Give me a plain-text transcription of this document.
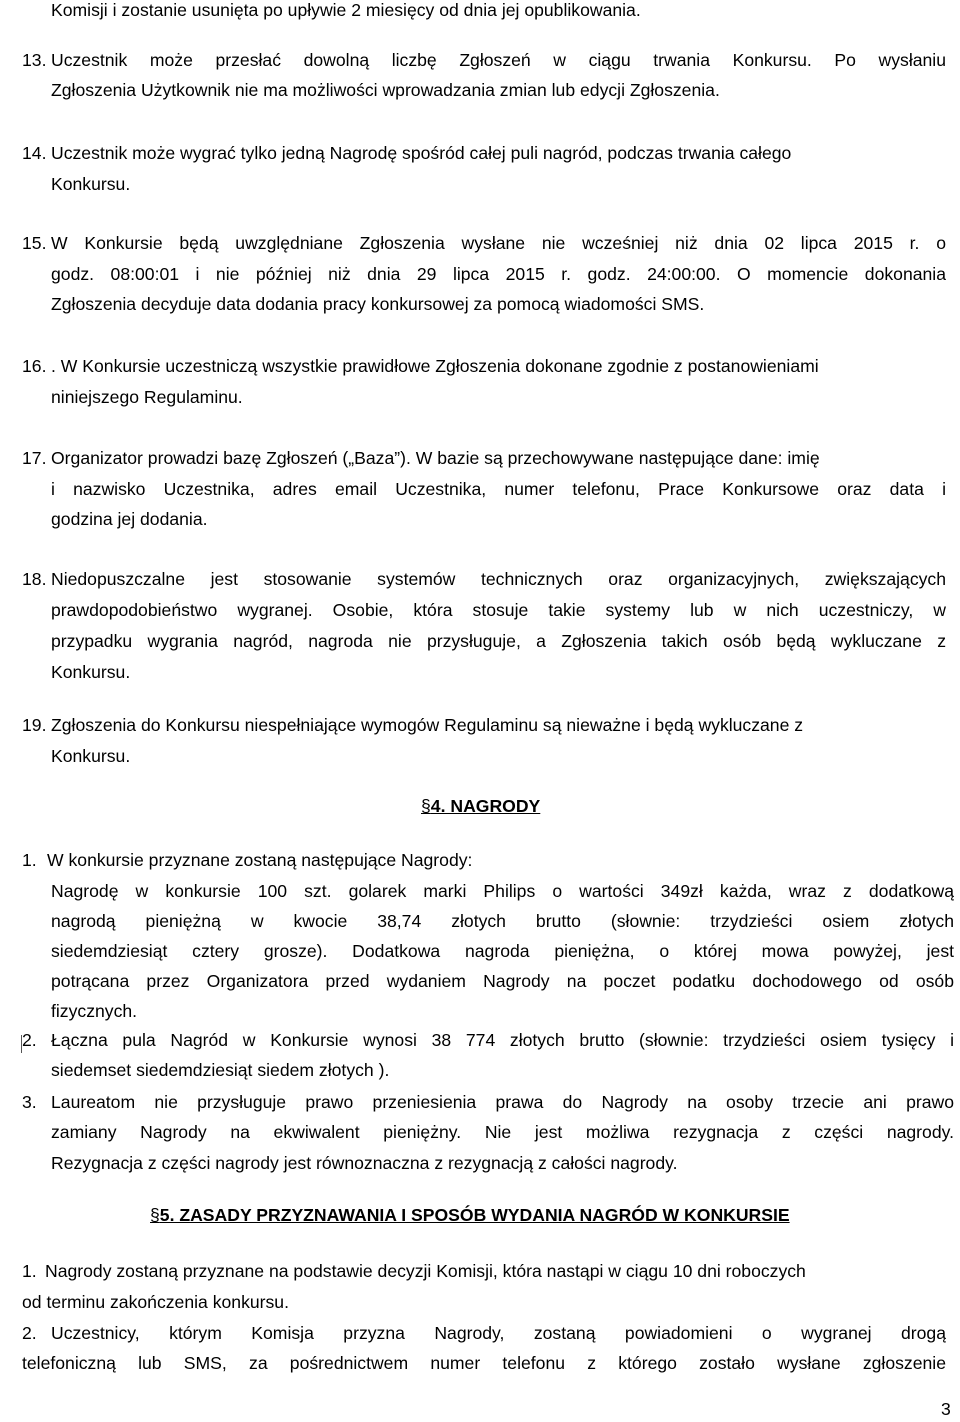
Komisji i zostanie usunięta po upływie 2 miesięcy od dnia jej opublikowania.
13. Uczestnik może przesłać dowolną liczbę Zgłoszeń w ciągu trwania Konkursu. Po wysłaniu
Zgłoszenia Użytkownik nie ma możliwości wprowadzania zmian lub edycji Zgłoszenia.
14. Uczestnik może wygrać tylko jedną Nagrodę spośród całej puli nagród, podczas trwania całego
Konkursu.
15. W Konkursie będą uwzględniane Zgłoszenia wysłane nie wcześniej niż dnia 02 lipca 2015 r. o
godz. 08:00:01 i nie później niż dnia 29 lipca 2015 r. godz. 24:00:00. O momencie dokonania
Zgłoszenia decyduje data dodania pracy konkursowej za pomocą wiadomości SMS.
16. . W Konkursie uczestniczą wszystkie prawidłowe Zgłoszenia dokonane zgodnie z postanowieniami
niniejszego Regulaminu.
17. Organizator prowadzi bazę Zgłoszeń („Baza”). W bazie są przechowywane następujące dane: imię
i nazwisko Uczestnika, adres email Uczestnika, numer telefonu, Prace Konkursowe oraz data i
godzina jej dodania.
18. Niedopuszczalne jest stosowanie systemów technicznych oraz organizacyjnych, zwiększających
prawdopodobieństwo wygranej. Osobie, która stosuje takie systemy lub w nich uczestniczy, w
przypadku wygrania nagród, nagroda nie przysługuje, a Zgłoszenia takich osób będą wykluczane z
Konkursu.
19. Zgłoszenia do Konkursu niespełniające wymogów Regulaminu są nieważne i będą wykluczane z
Konkursu.
§4. NAGRODY
1. W konkursie przyznane zostaną następujące Nagrody:
Nagrodę w konkursie 100 szt. golarek marki Philips o wartości 349zł każda, wraz z dodatkową
nagrodą pieniężną w kwocie 38,74 złotych brutto (słownie: trzydzieści osiem złotych
siedemdziesiąt cztery grosze). Dodatkowa nagroda pieniężna, o której mowa powyżej, jest
potrącana przez Organizatora przed wydaniem Nagrody na poczet podatku dochodowego od osób
fizycznych.
2. Łączna pula Nagród w Konkursie wynosi 38 774 złotych brutto (słownie: trzydzieści osiem tysięcy i
siedemset siedemdziesiąt siedem złotych ).
3. Laureatom nie przysługuje prawo przeniesienia prawa do Nagrody na osoby trzecie ani prawo
zamiany Nagrody na ekwiwalent pieniężny. Nie jest możliwa rezygnacja z części nagrody.
Rezygnacja z części nagrody jest równoznaczna z rezygnacją z całości nagrody.
§5. ZASADY PRZYZNAWANIA I SPOSÓB WYDANIA NAGRÓD W KONKURSIE
1. Nagrody zostaną przyznane na podstawie decyzji Komisji, która nastąpi w ciągu 10 dni roboczych
od terminu zakończenia konkursu.
2. Uczestnicy, którym Komisja przyzna Nagrody, zostaną powiadomieni o wygranej drogą
telefoniczną lub SMS, za pośrednictwem numer telefonu z którego zostało wysłane zgłoszenie
3
